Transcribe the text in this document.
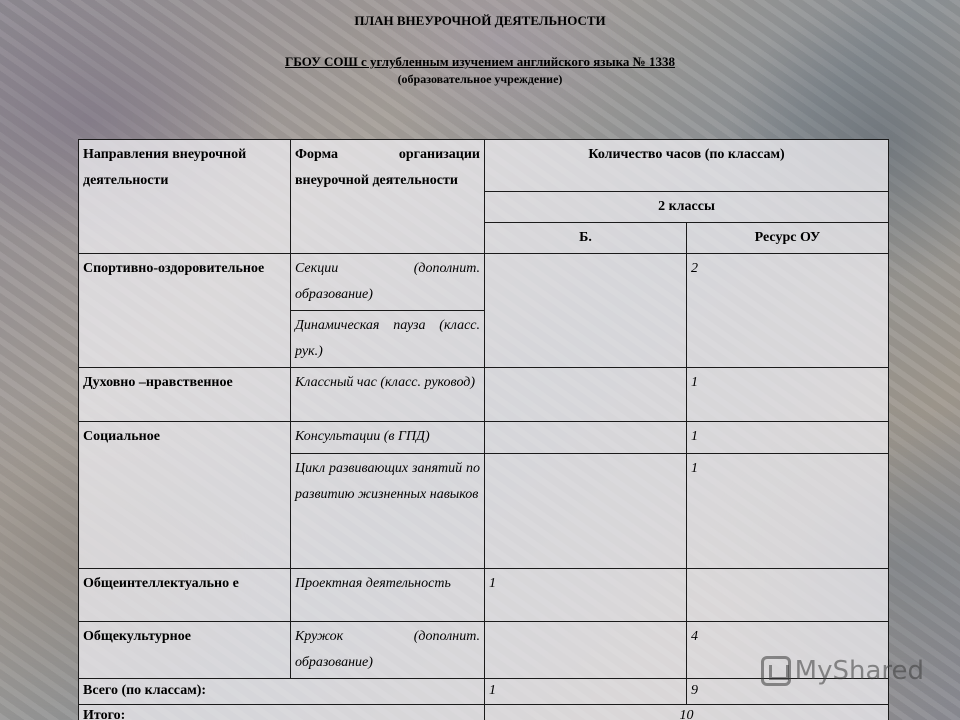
ПЛАН ВНЕУРОЧНОЙ ДЕЯТЕЛЬНОСТИ
ГБОУ СОШ с углубленным изучением английского языка № 1338
(образовательное учреждение)
Направления внеурочной деятельности	Форма организации внеурочной деятельности	Количество часов (по классам)	
		2 классы	
		Б.	Ресурс ОУ
Спортивно-оздоровительное	Секции (дополнит. образование)		2
	Динамическая пауза (класс. рук.)		
Духовно –нравственное	Классный час (класс. руковод)		1
Социальное	Консультации (в ГПД)		1
	Цикл развивающих занятий по развитию жизненных навыков		1
Общеинтеллектуально е	Проектная деятельность	1	
Общекультурное	Кружок (дополнит. образование)		4
Всего (по классам):		1	9
Итого:		10	
MyShared
